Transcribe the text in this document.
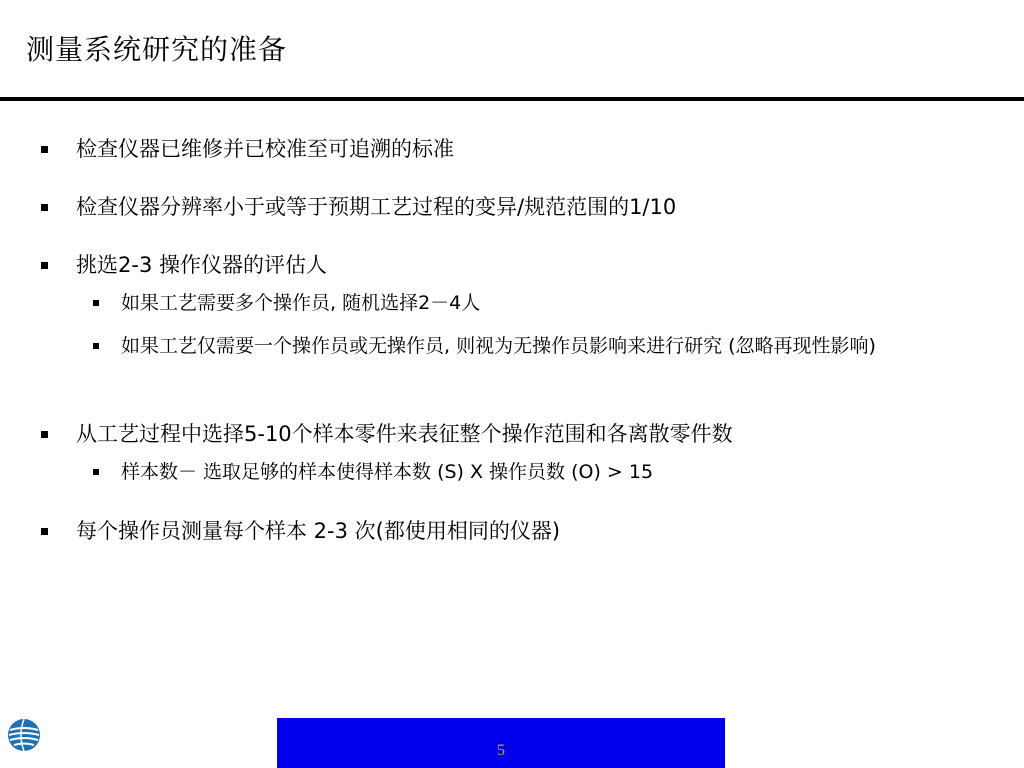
测量系统研究的准备
检查仪器已维修并已校准至可追溯的标准
检查仪器分辨率小于或等于预期工艺过程的变异/规范范围的1/10
挑选2-3 操作仪器的评估人
如果工艺需要多个操作员, 随机选择2－4人
如果工艺仅需要一个操作员或无操作员, 则视为无操作员影响来进行研究 (忽略再现性影响)
从工艺过程中选择5-10个样本零件来表征整个操作范围和各离散零件数
样本数－ 选取足够的样本使得样本数 (S) X 操作员数 (O) > 15
每个操作员测量每个样本 2-3 次(都使用相同的仪器)
5
